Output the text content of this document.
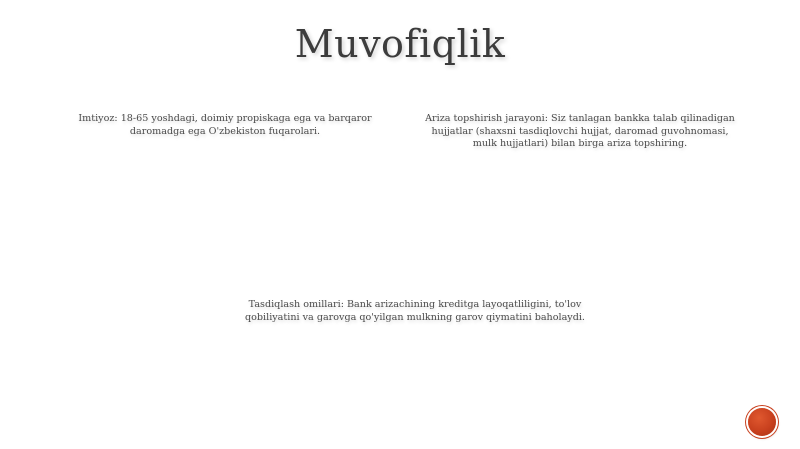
Muvofiqlik
Imtiyoz: 18-65 yoshdagi, doimiy propiskaga ega va barqaror daromadga ega O'zbekiston fuqarolari.
Ariza topshirish jarayoni: Siz tanlagan bankka talab qilinadigan hujjatlar (shaxsni tasdiqlovchi hujjat, daromad guvohnomasi, mulk hujjatlari) bilan birga ariza topshiring.
Tasdiqlash omillari: Bank arizachining kreditga layoqatliligini, to'lov qobiliyatini va garovga qo'yilgan mulkning garov qiymatini baholaydi.
